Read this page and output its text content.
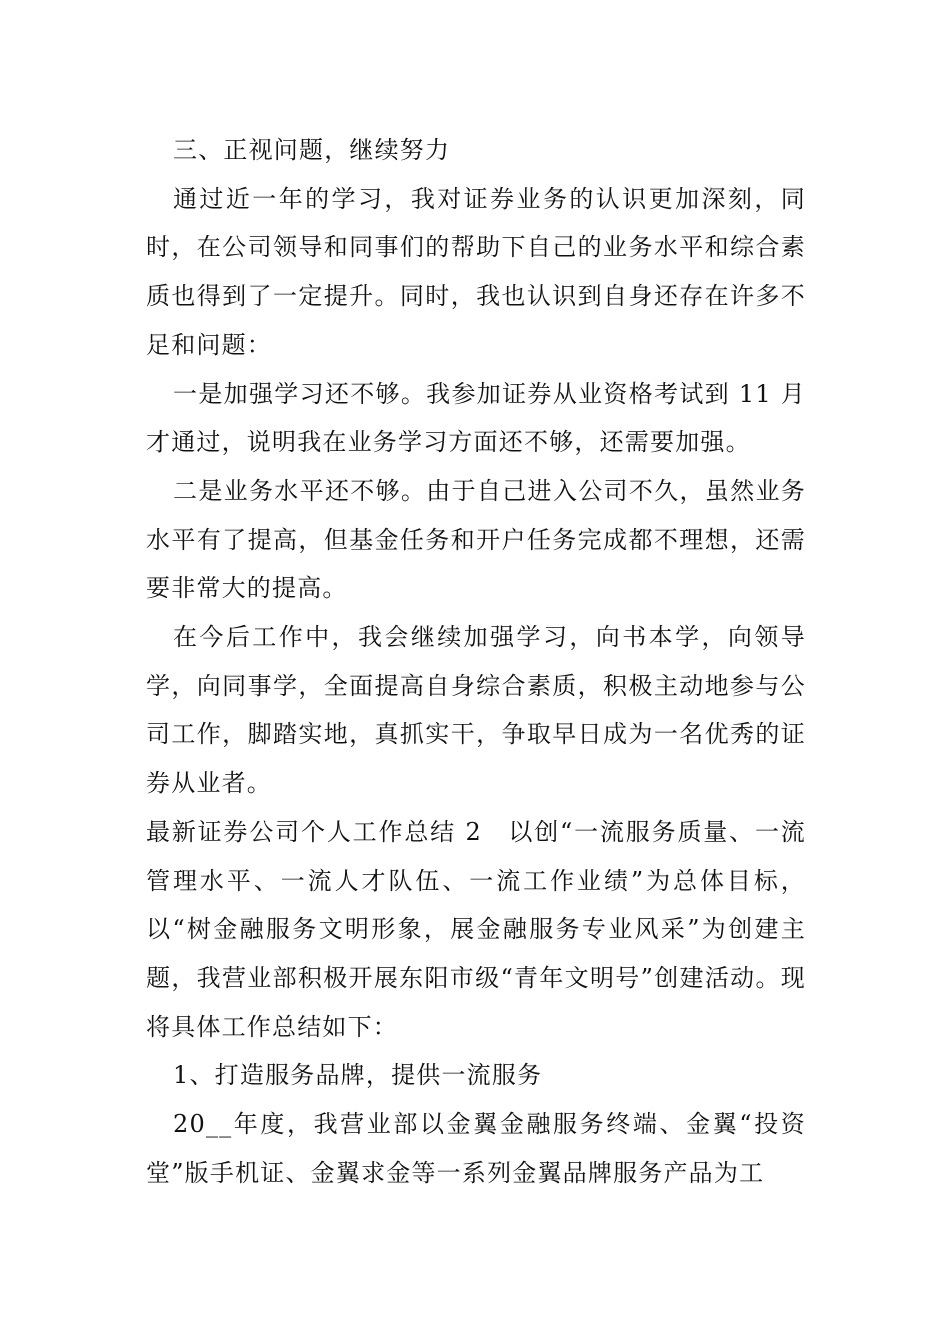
三、正视问题，继续努力

通过近一年的学习，我对证券业务的认识更加深刻，同时，在公司领导和同事们的帮助下自己的业务水平和综合素质也得到了一定提升。同时，我也认识到自身还存在许多不足和问题：

一是加强学习还不够。我参加证券从业资格考试到 11 月才通过，说明我在业务学习方面还不够，还需要加强。

二是业务水平还不够。由于自己进入公司不久，虽然业务水平有了提高，但基金任务和开户任务完成都不理想，还需要非常大的提高。

在今后工作中，我会继续加强学习，向书本学，向领导学，向同事学，全面提高自身综合素质，积极主动地参与公司工作，脚踏实地，真抓实干，争取早日成为一名优秀的证券从业者。

最新证券公司个人工作总结 2　以创“一流服务质量、一流管理水平、一流人才队伍、一流工作业绩”为总体目标，以“树金融服务文明形象，展金融服务专业风采”为创建主题，我营业部积极开展东阳市级“青年文明号”创建活动。现将具体工作总结如下：

1、打造服务品牌，提供一流服务

20__年度，我营业部以金翼金融服务终端、金翼“投资堂”版手机证、金翼求金等一系列金翼品牌服务产品为工
